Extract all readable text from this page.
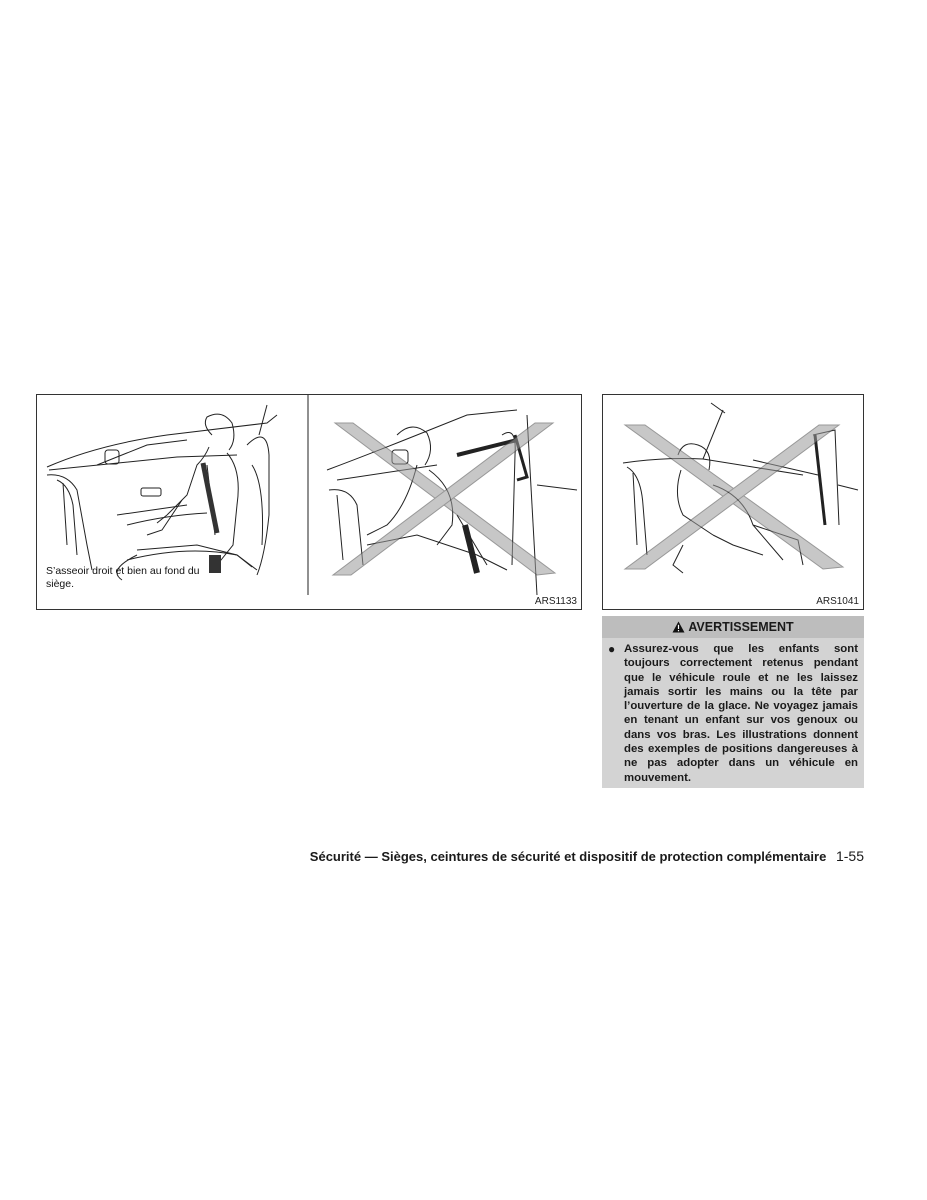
S’asseoir droit et bien au fond du siège.
ARS1133	ARS1041
AVERTISSEMENT
● Assurez-vous que les enfants sont toujours correctement retenus pendant que le véhicule roule et ne les laissez jamais sortir les mains ou la tête par l’ouverture de la glace. Ne voyagez jamais en tenant un enfant sur vos genoux ou dans vos bras. Les illustrations donnent des exemples de positions dangereuses à ne pas adopter dans un véhicule en mouvement.
Sécurité — Sièges, ceintures de sécurité et dispositif de protection complémentaire 1-55
